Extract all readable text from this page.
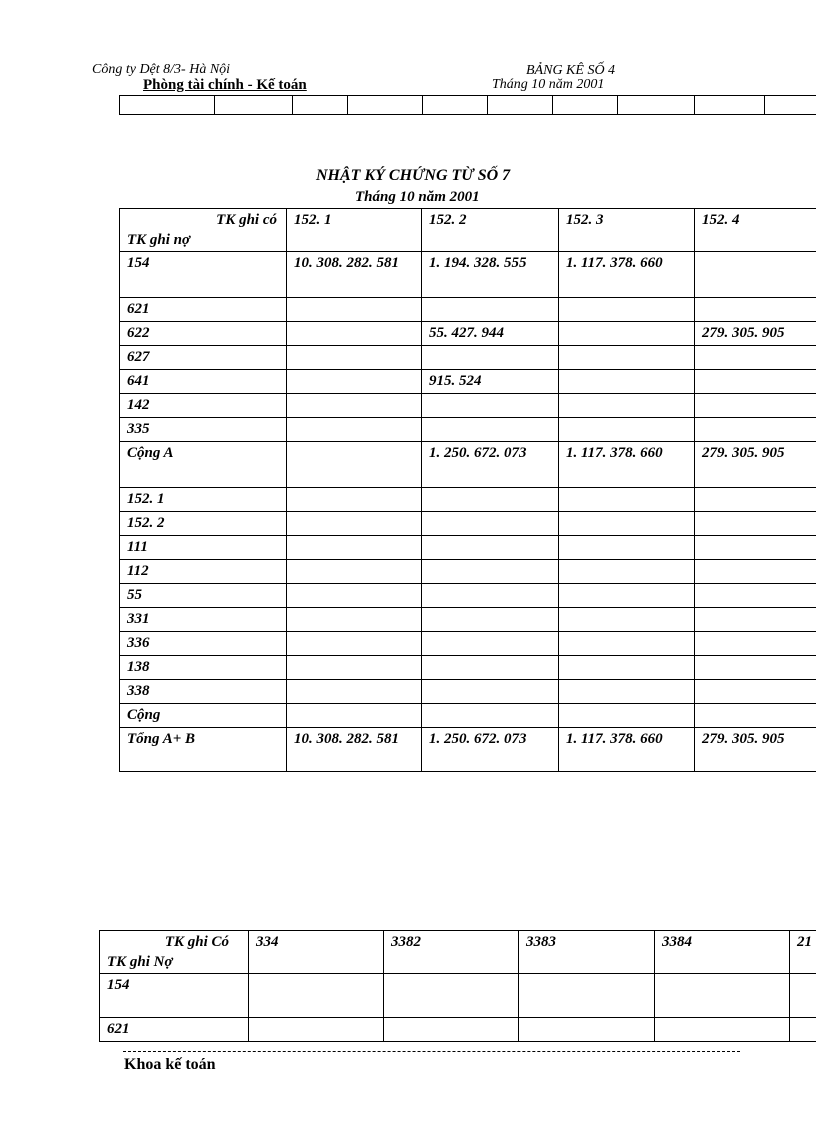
Công ty Dệt 8/3- Hà Nội
Phòng tài chính - Kế toán
BẢNG KÊ SỐ 4
Tháng 10 năm 2001

NHẬT KÝ CHỨNG TỪ SỐ 7
Tháng 10 năm 2001
TK ghi có
TK ghi nợ	152. 1	152. 2	152. 3	152. 4
154	10. 308. 282. 581	1. 194. 328. 555	1. 117. 378. 660	
621				
622		55. 427. 944		279. 305. 905
627				
641		915. 524		
142				
335				
Cộng A		1. 250. 672. 073	1. 117. 378. 660	279. 305. 905
152. 1				
152. 2				
111				
112				
55				
331				
336				
138				
338				
Cộng				
Tổng A+ B	10. 308. 282. 581	1. 250. 672. 073	1. 117. 378. 660	279. 305. 905
TK ghi Có
TK ghi Nợ	334	3382	3383	3384	21
154					
621					
Khoa kế toán
